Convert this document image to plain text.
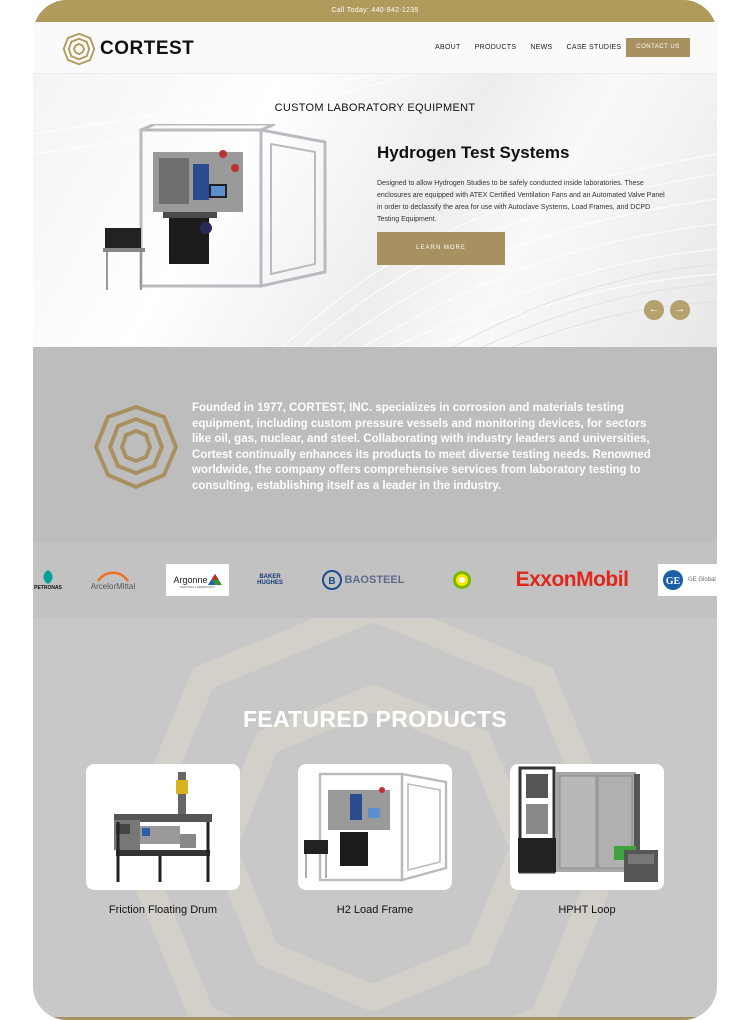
Call Today: 440-942-1235
CORTEST	ABOUT PRODUCTS NEWS CASE STUDIES	CONTACT US
CUSTOM LABORATORY EQUIPMENT
Hydrogen Test Systems
Designed to allow Hydrogen Studies to be safely conducted inside laboratories. These enclosures are equipped with ATEX Certified Ventilation Fans and an Automated Valve Panel in order to declassify the area for use with Autoclave Systems, Load Frames, and DCPD Testing Equipment.
LEARN MORE
←	→
Founded in 1977, CORTEST, INC. specializes in corrosion and materials testing equipment, including custom pressure vessels and monitoring devices, for sectors like oil, gas, nuclear, and steel. Collaborating with industry leaders and universities, Cortest continually enhances its products to meet diverse testing needs. Renowned worldwide, the company offers comprehensive services from laboratory testing to consulting, establishing itself as a leader in the industry.
PETRONAS	ArcelorMittal
Argonne
NATIONAL LABORATORY
BAKER
HUGHES	B BAOSTEEL	ExxonMobil	GE GE Global
FEATURED PRODUCTS
Friction Floating Drum	H2 Load Frame	HPHT Loop
